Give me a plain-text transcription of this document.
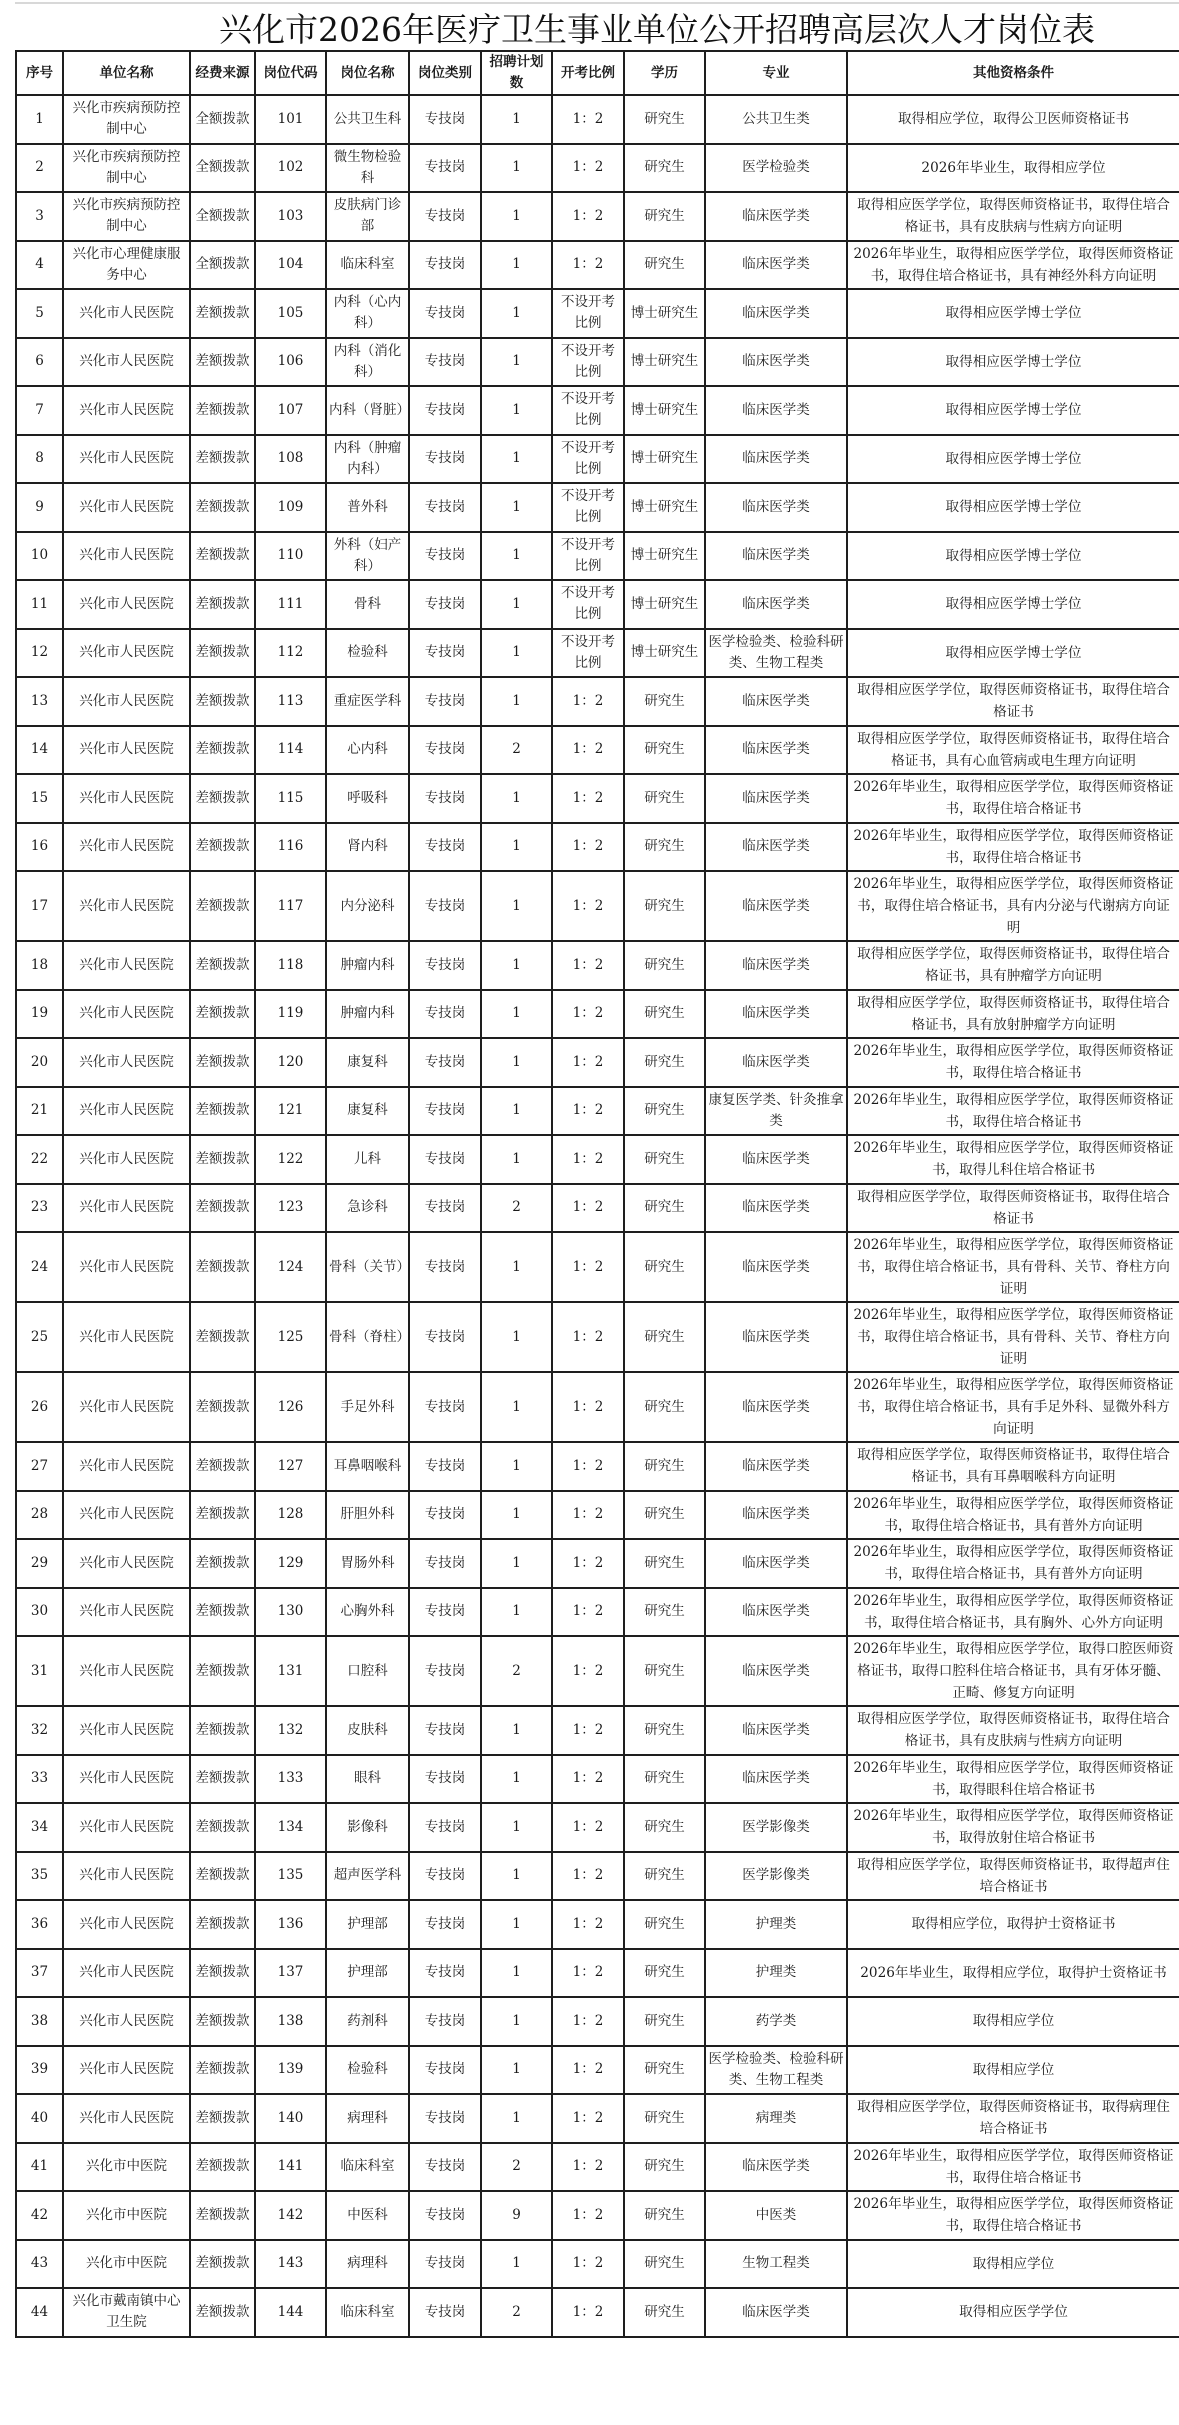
兴化市2026年医疗卫生事业单位公开招聘高层次人才岗位表
序号	单位名称	经费来源	岗位代码	岗位名称	岗位类别	招聘计划数	开考比例	学历	专业	其他资格条件
1	兴化市疾病预防控制中心	全额拨款	101	公共卫生科	专技岗	1	1：2	研究生	公共卫生类	取得相应学位，取得公卫医师资格证书
2	兴化市疾病预防控制中心	全额拨款	102	微生物检验科	专技岗	1	1：2	研究生	医学检验类	2026年毕业生，取得相应学位
3	兴化市疾病预防控制中心	全额拨款	103	皮肤病门诊部	专技岗	1	1：2	研究生	临床医学类	取得相应医学学位，取得医师资格证书，取得住培合格证书，具有皮肤病与性病方向证明
4	兴化市心理健康服务中心	全额拨款	104	临床科室	专技岗	1	1：2	研究生	临床医学类	2026年毕业生，取得相应医学学位，取得医师资格证书，取得住培合格证书，具有神经外科方向证明
5	兴化市人民医院	差额拨款	105	内科（心内科）	专技岗	1	不设开考比例	博士研究生	临床医学类	取得相应医学博士学位
6	兴化市人民医院	差额拨款	106	内科（消化科）	专技岗	1	不设开考比例	博士研究生	临床医学类	取得相应医学博士学位
7	兴化市人民医院	差额拨款	107	内科（肾脏）	专技岗	1	不设开考比例	博士研究生	临床医学类	取得相应医学博士学位
8	兴化市人民医院	差额拨款	108	内科（肿瘤内科）	专技岗	1	不设开考比例	博士研究生	临床医学类	取得相应医学博士学位
9	兴化市人民医院	差额拨款	109	普外科	专技岗	1	不设开考比例	博士研究生	临床医学类	取得相应医学博士学位
10	兴化市人民医院	差额拨款	110	外科（妇产科）	专技岗	1	不设开考比例	博士研究生	临床医学类	取得相应医学博士学位
11	兴化市人民医院	差额拨款	111	骨科	专技岗	1	不设开考比例	博士研究生	临床医学类	取得相应医学博士学位
12	兴化市人民医院	差额拨款	112	检验科	专技岗	1	不设开考比例	博士研究生	医学检验类、检验科研类、生物工程类	取得相应医学博士学位
13	兴化市人民医院	差额拨款	113	重症医学科	专技岗	1	1：2	研究生	临床医学类	取得相应医学学位，取得医师资格证书，取得住培合格证书
14	兴化市人民医院	差额拨款	114	心内科	专技岗	2	1：2	研究生	临床医学类	取得相应医学学位，取得医师资格证书，取得住培合格证书，具有心血管病或电生理方向证明
15	兴化市人民医院	差额拨款	115	呼吸科	专技岗	1	1：2	研究生	临床医学类	2026年毕业生，取得相应医学学位，取得医师资格证书，取得住培合格证书
16	兴化市人民医院	差额拨款	116	肾内科	专技岗	1	1：2	研究生	临床医学类	2026年毕业生，取得相应医学学位，取得医师资格证书，取得住培合格证书
17	兴化市人民医院	差额拨款	117	内分泌科	专技岗	1	1：2	研究生	临床医学类	2026年毕业生，取得相应医学学位，取得医师资格证书，取得住培合格证书，具有内分泌与代谢病方向证明
18	兴化市人民医院	差额拨款	118	肿瘤内科	专技岗	1	1：2	研究生	临床医学类	取得相应医学学位，取得医师资格证书，取得住培合格证书，具有肿瘤学方向证明
19	兴化市人民医院	差额拨款	119	肿瘤内科	专技岗	1	1：2	研究生	临床医学类	取得相应医学学位，取得医师资格证书，取得住培合格证书，具有放射肿瘤学方向证明
20	兴化市人民医院	差额拨款	120	康复科	专技岗	1	1：2	研究生	临床医学类	2026年毕业生，取得相应医学学位，取得医师资格证书，取得住培合格证书
21	兴化市人民医院	差额拨款	121	康复科	专技岗	1	1：2	研究生	康复医学类、针灸推拿类	2026年毕业生，取得相应医学学位，取得医师资格证书，取得住培合格证书
22	兴化市人民医院	差额拨款	122	儿科	专技岗	1	1：2	研究生	临床医学类	2026年毕业生，取得相应医学学位，取得医师资格证书，取得儿科住培合格证书
23	兴化市人民医院	差额拨款	123	急诊科	专技岗	2	1：2	研究生	临床医学类	取得相应医学学位，取得医师资格证书，取得住培合格证书
24	兴化市人民医院	差额拨款	124	骨科（关节）	专技岗	1	1：2	研究生	临床医学类	2026年毕业生，取得相应医学学位，取得医师资格证书，取得住培合格证书，具有骨科、关节、脊柱方向证明
25	兴化市人民医院	差额拨款	125	骨科（脊柱）	专技岗	1	1：2	研究生	临床医学类	2026年毕业生，取得相应医学学位，取得医师资格证书，取得住培合格证书，具有骨科、关节、脊柱方向证明
26	兴化市人民医院	差额拨款	126	手足外科	专技岗	1	1：2	研究生	临床医学类	2026年毕业生，取得相应医学学位，取得医师资格证书，取得住培合格证书，具有手足外科、显微外科方向证明
27	兴化市人民医院	差额拨款	127	耳鼻咽喉科	专技岗	1	1：2	研究生	临床医学类	取得相应医学学位，取得医师资格证书，取得住培合格证书，具有耳鼻咽喉科方向证明
28	兴化市人民医院	差额拨款	128	肝胆外科	专技岗	1	1：2	研究生	临床医学类	2026年毕业生，取得相应医学学位，取得医师资格证书，取得住培合格证书，具有普外方向证明
29	兴化市人民医院	差额拨款	129	胃肠外科	专技岗	1	1：2	研究生	临床医学类	2026年毕业生，取得相应医学学位，取得医师资格证书，取得住培合格证书，具有普外方向证明
30	兴化市人民医院	差额拨款	130	心胸外科	专技岗	1	1：2	研究生	临床医学类	2026年毕业生，取得相应医学学位，取得医师资格证书，取得住培合格证书，具有胸外、心外方向证明
31	兴化市人民医院	差额拨款	131	口腔科	专技岗	2	1：2	研究生	临床医学类	2026年毕业生，取得相应医学学位，取得口腔医师资格证书，取得口腔科住培合格证书，具有牙体牙髓、正畸、修复方向证明
32	兴化市人民医院	差额拨款	132	皮肤科	专技岗	1	1：2	研究生	临床医学类	取得相应医学学位，取得医师资格证书，取得住培合格证书，具有皮肤病与性病方向证明
33	兴化市人民医院	差额拨款	133	眼科	专技岗	1	1：2	研究生	临床医学类	2026年毕业生，取得相应医学学位，取得医师资格证书，取得眼科住培合格证书
34	兴化市人民医院	差额拨款	134	影像科	专技岗	1	1：2	研究生	医学影像类	2026年毕业生，取得相应医学学位，取得医师资格证书，取得放射住培合格证书
35	兴化市人民医院	差额拨款	135	超声医学科	专技岗	1	1：2	研究生	医学影像类	取得相应医学学位，取得医师资格证书，取得超声住培合格证书
36	兴化市人民医院	差额拨款	136	护理部	专技岗	1	1：2	研究生	护理类	取得相应学位，取得护士资格证书
37	兴化市人民医院	差额拨款	137	护理部	专技岗	1	1：2	研究生	护理类	2026年毕业生，取得相应学位，取得护士资格证书
38	兴化市人民医院	差额拨款	138	药剂科	专技岗	1	1：2	研究生	药学类	取得相应学位
39	兴化市人民医院	差额拨款	139	检验科	专技岗	1	1：2	研究生	医学检验类、检验科研类、生物工程类	取得相应学位
40	兴化市人民医院	差额拨款	140	病理科	专技岗	1	1：2	研究生	病理类	取得相应医学学位，取得医师资格证书，取得病理住培合格证书
41	兴化市中医院	差额拨款	141	临床科室	专技岗	2	1：2	研究生	临床医学类	2026年毕业生，取得相应医学学位，取得医师资格证书，取得住培合格证书
42	兴化市中医院	差额拨款	142	中医科	专技岗	9	1：2	研究生	中医类	2026年毕业生，取得相应医学学位，取得医师资格证书，取得住培合格证书
43	兴化市中医院	差额拨款	143	病理科	专技岗	1	1：2	研究生	生物工程类	取得相应学位
44	兴化市戴南镇中心卫生院	差额拨款	144	临床科室	专技岗	2	1：2	研究生	临床医学类	取得相应医学学位
